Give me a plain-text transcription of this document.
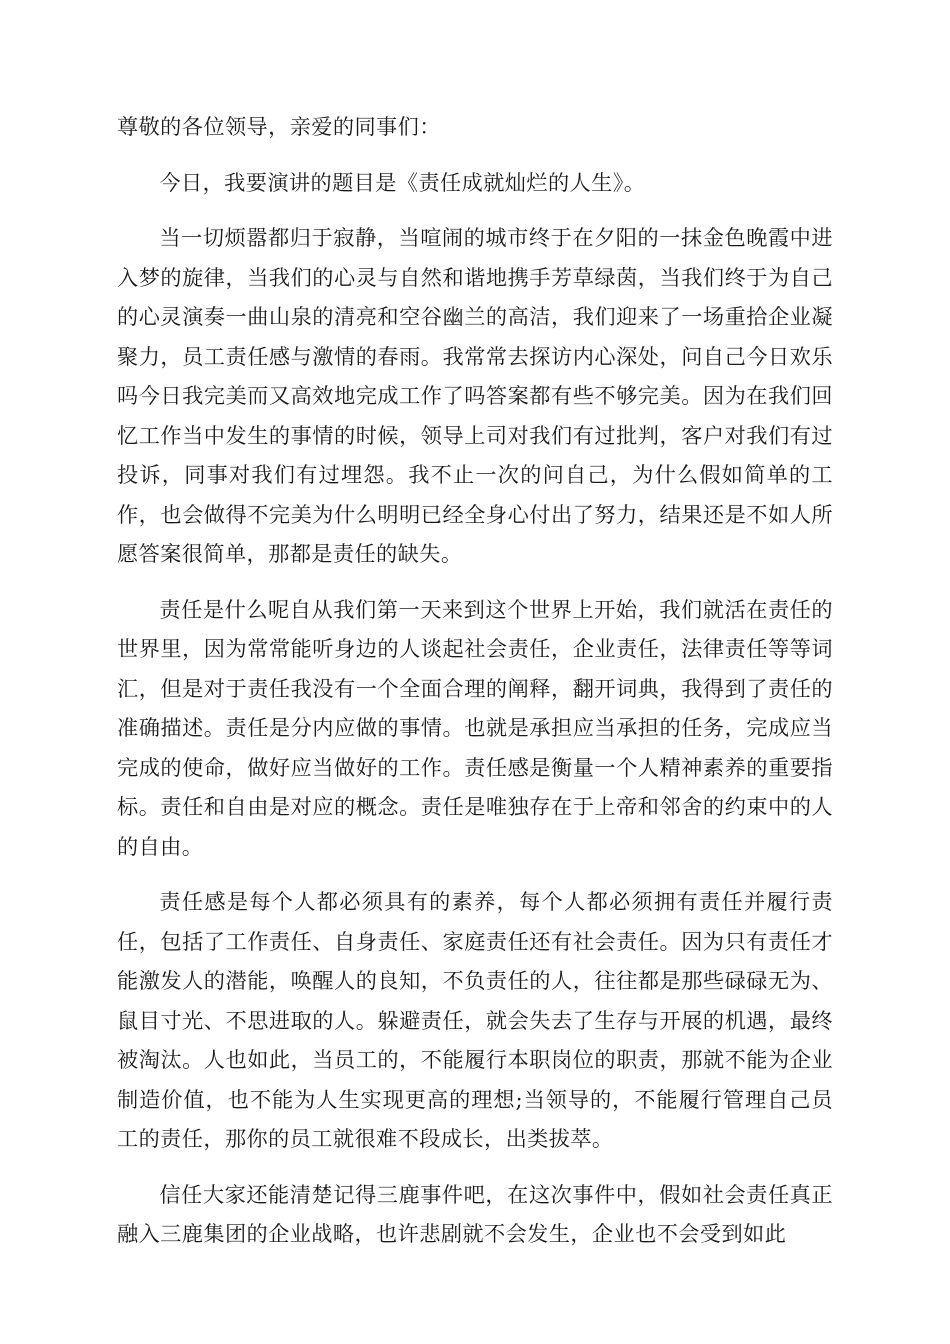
尊敬的各位领导，亲爱的同事们：

今日，我要演讲的题目是《责任成就灿烂的人生》。

当一切烦嚣都归于寂静，当喧闹的城市终于在夕阳的一抹金色晚霞中进入梦的旋律，当我们的心灵与自然和谐地携手芳草绿茵，当我们终于为自己的心灵演奏一曲山泉的清亮和空谷幽兰的高洁，我们迎来了一场重拾企业凝聚力，员工责任感与激情的春雨。我常常去探访内心深处，问自己今日欢乐吗今日我完美而又高效地完成工作了吗答案都有些不够完美。因为在我们回忆工作当中发生的事情的时候，领导上司对我们有过批判，客户对我们有过投诉，同事对我们有过埋怨。我不止一次的问自己，为什么假如简单的工作，也会做得不完美为什么明明已经全身心付出了努力，结果还是不如人所愿答案很简单，那都是责任的缺失。

责任是什么呢自从我们第一天来到这个世界上开始，我们就活在责任的世界里，因为常常能听身边的人谈起社会责任，企业责任，法律责任等等词汇，但是对于责任我没有一个全面合理的阐释，翻开词典，我得到了责任的准确描述。责任是分内应做的事情。也就是承担应当承担的任务，完成应当完成的使命，做好应当做好的工作。责任感是衡量一个人精神素养的重要指标。责任和自由是对应的概念。责任是唯独存在于上帝和邻舍的约束中的人的自由。

责任感是每个人都必须具有的素养，每个人都必须拥有责任并履行责任，包括了工作责任、自身责任、家庭责任还有社会责任。因为只有责任才能激发人的潜能，唤醒人的良知，不负责任的人，往往都是那些碌碌无为、鼠目寸光、不思进取的人。躲避责任，就会失去了生存与开展的机遇，最终被淘汰。人也如此，当员工的，不能履行本职岗位的职责，那就不能为企业制造价值，也不能为人生实现更高的理想;当领导的，不能履行管理自己员工的责任，那你的员工就很难不段成长，出类拔萃。

信任大家还能清楚记得三鹿事件吧，在这次事件中，假如社会责任真正融入三鹿集团的企业战略，也许悲剧就不会发生，企业也不会受到如此
